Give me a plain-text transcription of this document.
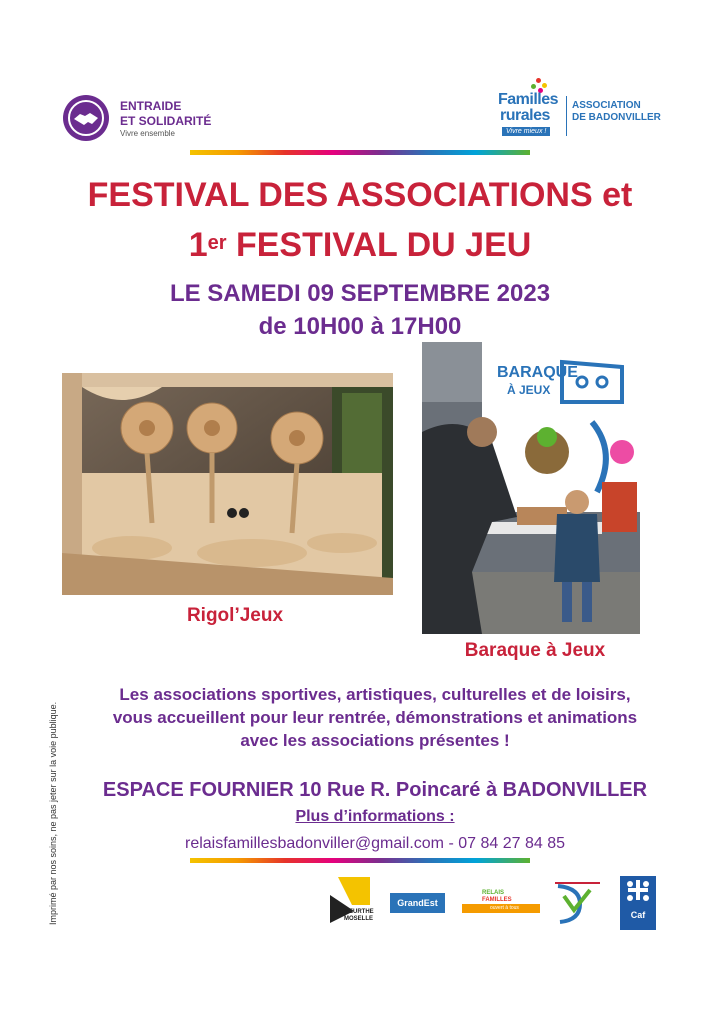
ENTRAIDE
ET SOLIDARITÉ
Vivre ensemble
Familles
rurales
Vivre mieux !
ASSOCIATION
DE BADONVILLER
FESTIVAL DES ASSOCIATIONS et
1er FESTIVAL DU JEU
LE SAMEDI 09 SEPTEMBRE 2023
de 10H00 à 17H00
Rigol’Jeux
BARAQUE
À JEUX
Baraque à Jeux
Imprimé par nos soins, ne pas jeter sur la voie publique.
Les associations sportives, artistiques, culturelles et de loisirs,
vous accueillent pour leur rentrée, démonstrations et animations
avec les associations présentes !
ESPACE FOURNIER 10 Rue R. Poincaré à BADONVILLER
Plus d’informations :
relaisfamillesbadonviller@gmail.com - 07 84 27 84 85
MEURTHE MOSELLE
GrandEst
RELAIS
FAMILLES
ouvert à tous
Caf
